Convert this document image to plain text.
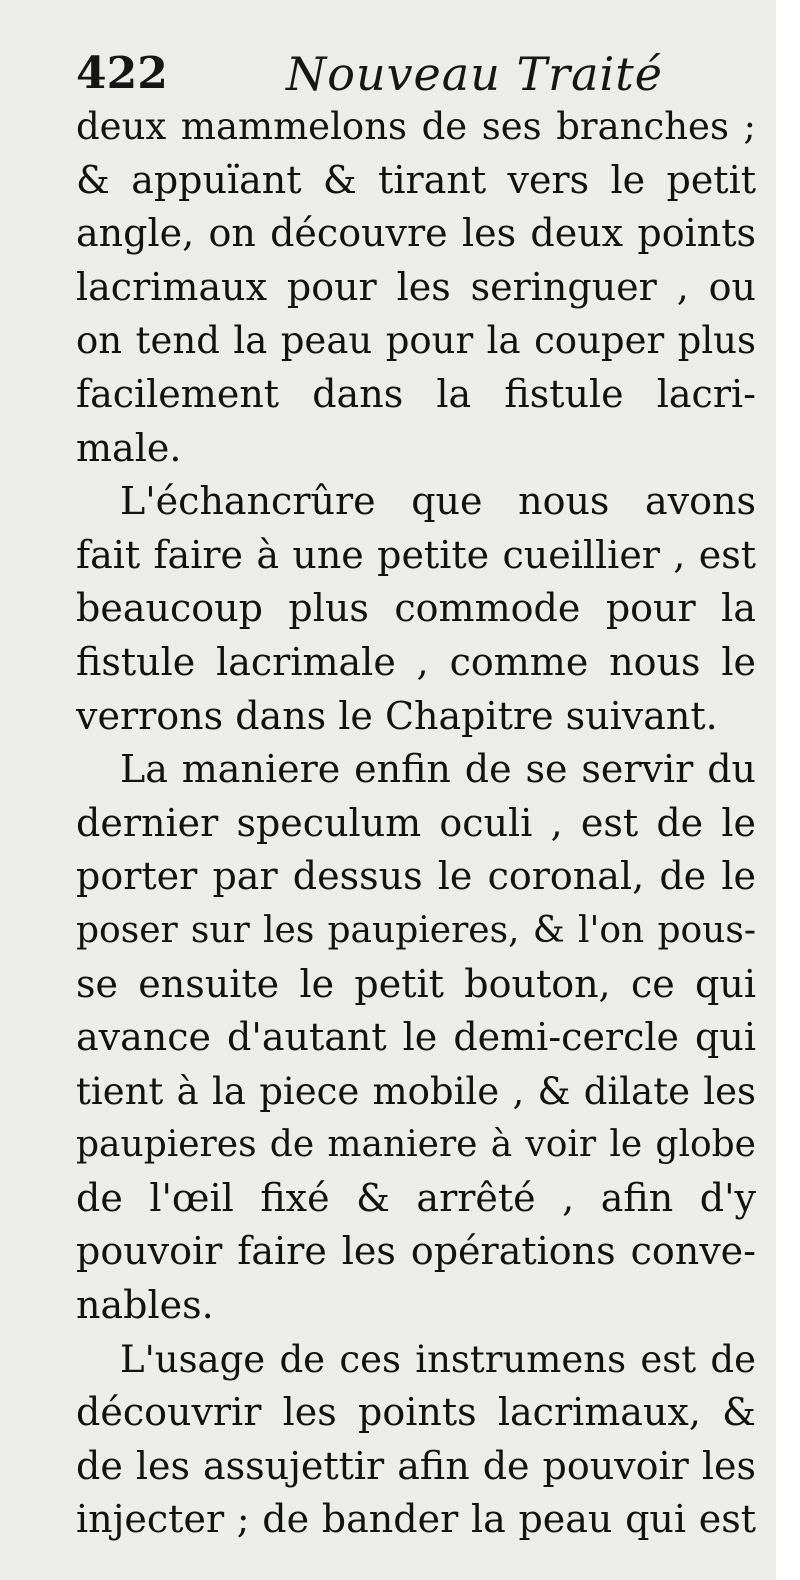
422	Nouveau Traité
deux mammelons de ses branches ;
& appuïant & tirant vers le petit
angle, on découvre les deux points
lacrimaux pour les seringuer , ou
on tend la peau pour la couper plus
facilement dans la fistule lacri-
male.
L'échancrûre que nous avons
fait faire à une petite cueillier , est
beaucoup plus commode pour la
fistule lacrimale , comme nous le
verrons dans le Chapitre suivant.
La maniere enfin de se servir du
dernier speculum oculi , est de le
porter par dessus le coronal, de le
poser sur les paupieres, & l'on pous-
se ensuite le petit bouton, ce qui
avance d'autant le demi-cercle qui
tient à la piece mobile , & dilate les
paupieres de maniere à voir le globe
de l'œil fixé & arrêté , afin d'y
pouvoir faire les opérations conve-
nables.
L'usage de ces instrumens est de
découvrir les points lacrimaux, &
de les assujettir afin de pouvoir les
injecter ; de bander la peau qui est
